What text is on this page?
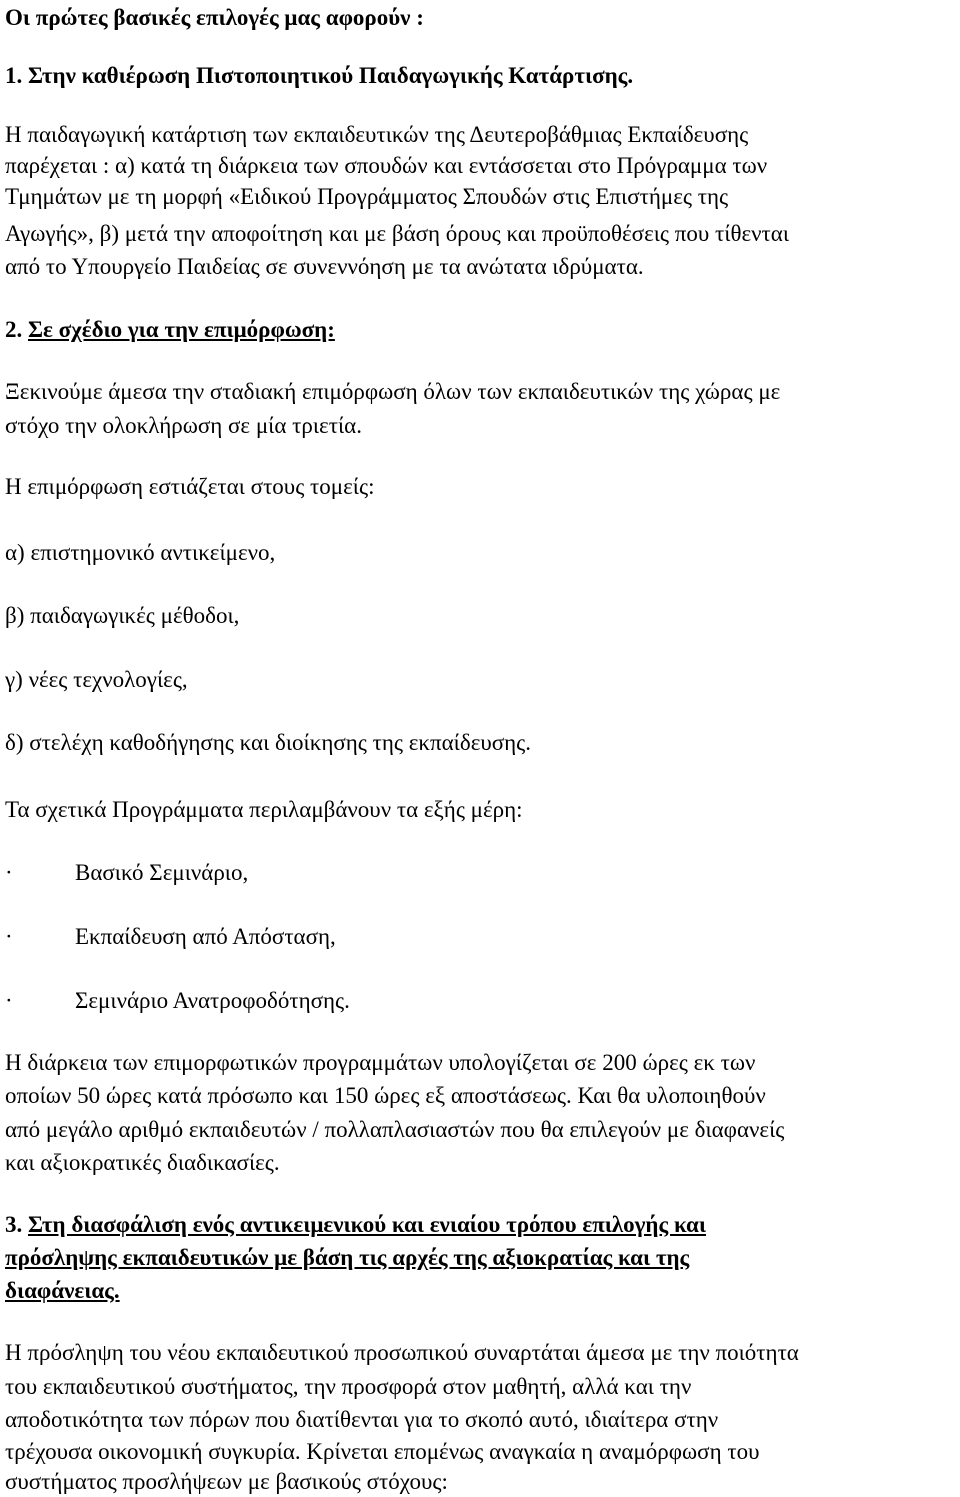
Οι πρώτες βασικές επιλογές μας αφορούν :
1. Στην καθιέρωση Πιστοποιητικού Παιδαγωγικής Κατάρτισης.
Η παιδαγωγική κατάρτιση των εκπαιδευτικών της Δευτεροβάθμιας Εκπαίδευσης
παρέχεται : α) κατά τη διάρκεια των σπουδών και εντάσσεται στο Πρόγραμμα των
Τμημάτων με τη μορφή «Ειδικού Προγράμματος Σπουδών στις Επιστήμες της
Αγωγής», β) μετά την αποφοίτηση και με βάση όρους και προϋποθέσεις που τίθενται
από το Υπουργείο Παιδείας σε συνεννόηση με τα ανώτατα ιδρύματα.
2. Σε σχέδιο για την επιμόρφωση:
Ξεκινούμε άμεσα την σταδιακή επιμόρφωση όλων των εκπαιδευτικών της χώρας με
στόχο την ολοκλήρωση σε μία τριετία.
Η επιμόρφωση εστιάζεται στους τομείς:
α) επιστημονικό αντικείμενο,
β) παιδαγωγικές μέθοδοι,
γ) νέες τεχνολογίες,
δ) στελέχη καθοδήγησης και διοίκησης της εκπαίδευσης.
Τα σχετικά Προγράμματα περιλαμβάνουν τα εξής μέρη:
·	Βασικό Σεμινάριο,
·	Εκπαίδευση από Απόσταση,
·	Σεμινάριο Ανατροφοδότησης.
Η διάρκεια των επιμορφωτικών προγραμμάτων υπολογίζεται σε 200 ώρες εκ των
οποίων 50 ώρες κατά πρόσωπο και 150 ώρες εξ αποστάσεως. Και θα υλοποιηθούν
από μεγάλο αριθμό εκπαιδευτών / πολλαπλασιαστών που θα επιλεγούν με διαφανείς
και αξιοκρατικές διαδικασίες.
3. Στη διασφάλιση ενός αντικειμενικού και ενιαίου τρόπου επιλογής και
πρόσληψης εκπαιδευτικών με βάση τις αρχές της αξιοκρατίας και της
διαφάνειας.
Η πρόσληψη του νέου εκπαιδευτικού προσωπικού συναρτάται άμεσα με την ποιότητα
του εκπαιδευτικού συστήματος, την προσφορά στον μαθητή, αλλά και την
αποδοτικότητα των πόρων που διατίθενται για το σκοπό αυτό, ιδιαίτερα στην
τρέχουσα οικονομική συγκυρία. Κρίνεται επομένως αναγκαία η αναμόρφωση του
συστήματος προσλήψεων με βασικούς στόχους:
